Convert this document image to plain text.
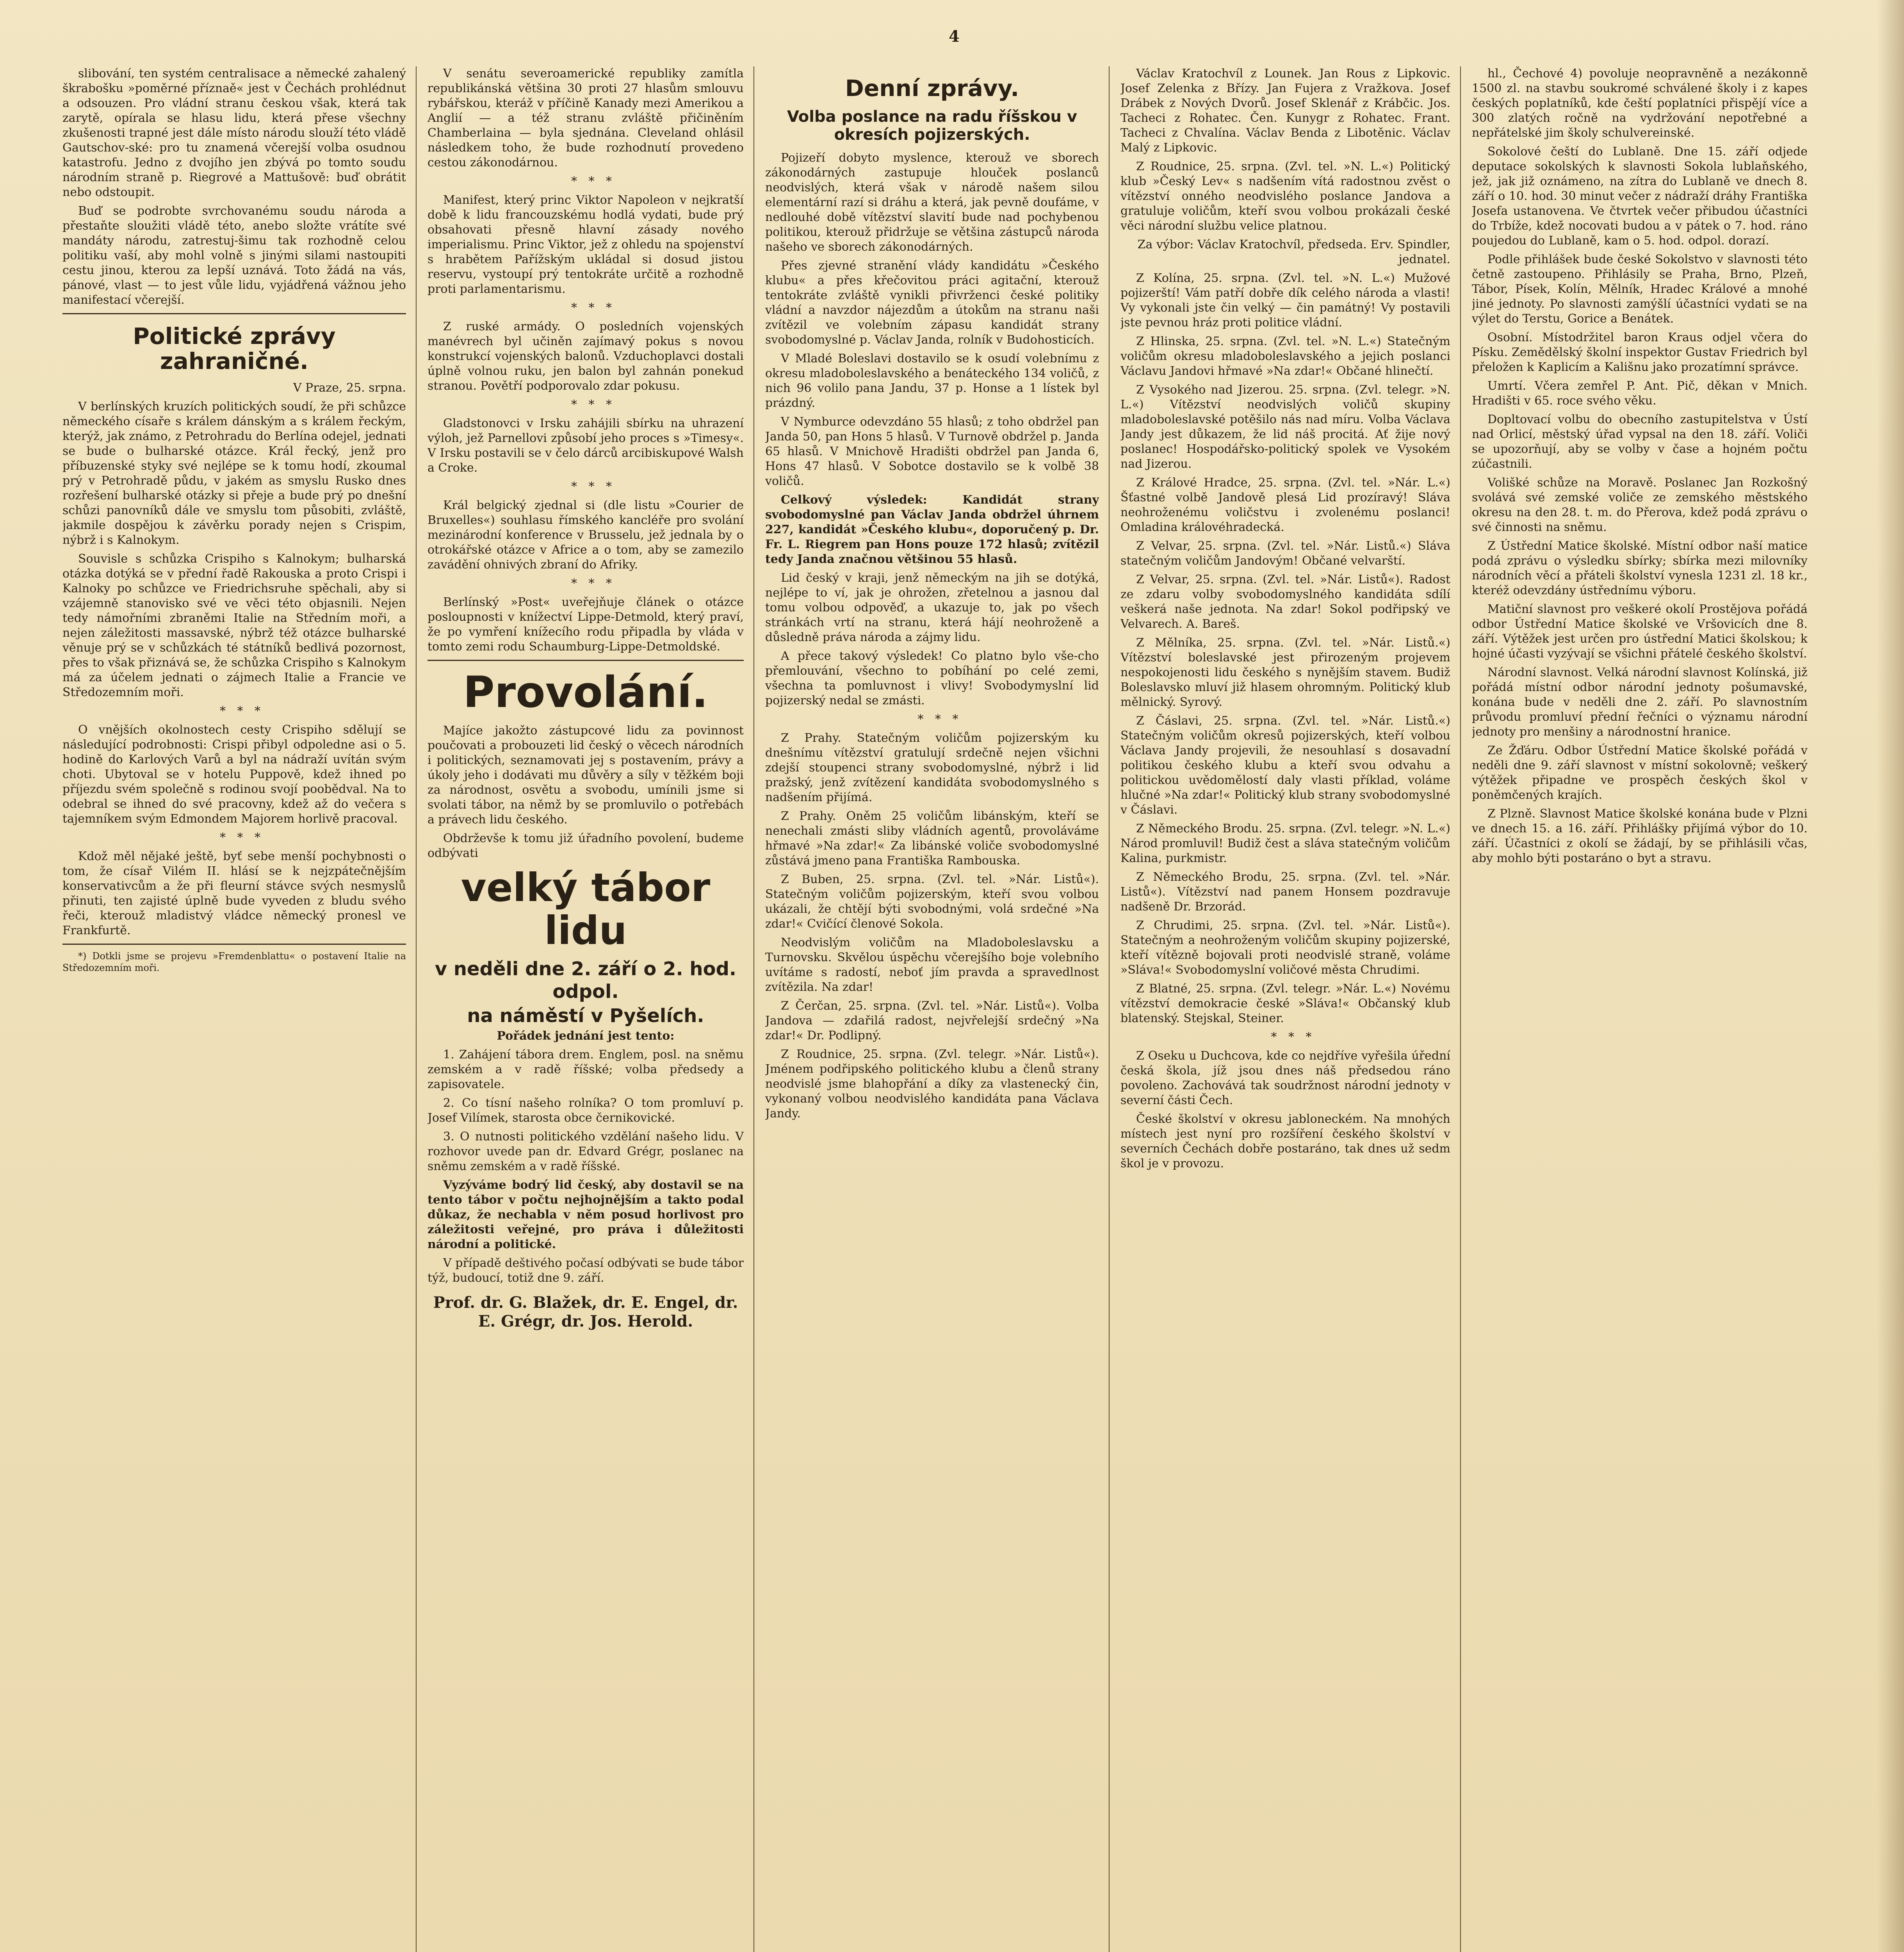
4

slibování, ten systém centralisace a německé zahalený škrabošku »poměrné příznaě« jest v Čechách prohlédnut a odsouzen. Pro vládní stranu českou však, která tak zarytě, opírala se hlasu lidu, která přese všechny zkušenosti trapné jest dále místo národu slouží této vládě Gautschov-ské: pro tu znamená včerejší volba osudnou katastrofu. Jedno z dvojího jen zbývá po tomto soudu národním straně p. Riegrové a Mattušově: buď obrátit nebo odstoupit.

Buď se podrobte svrchovanému soudu národa a přestaňte sloužiti vládě této, anebo složte vrátíte své mandáty národu, zatrestuj-šimu tak rozhodně celou politiku vaší, aby mohl volně s jinými silami nastoupiti cestu jinou, kterou za lepší uznává. Toto žádá na vás, pánové, vlast — to jest vůle lidu, vyjádřená vážnou jeho manifestací včerejší.

Politické zprávy zahraničné.

V Praze, 25. srpna.

V berlínských kruzích politických soudí, že při schůzce německého císaře s králem dánským a s králem řeckým, kterýž, jak známo, z Petrohradu do Berlína odejel, jednati se bude o bulharské otázce. Král řecký, jenž pro příbuzenské styky své nejlépe se k tomu hodí, zkoumal prý v Petrohradě půdu, v jakém as smyslu Rusko dnes rozřešení bulharské otázky si přeje a bude prý po dnešní schůzi panovníků dále ve smyslu tom působiti, zvláště, jakmile dospějou k závěrku porady nejen s Crispim, nýbrž i s Kalnokym.

Souvisle s schůzka Crispiho s Kalnokym; bulharská otázka dotýká se v přední řadě Rakouska a proto Crispi i Kalnoky po schůzce ve Friedrichsruhe spěchali, aby si vzájemně stanovisko své ve věci této objasnili. Nejen tedy námořními zbraněmi Italie na Středním moři, a nejen záležitosti massavské, nýbrž též otázce bulharské věnuje prý se v schůzkách té státníků bedlivá pozornost, přes to však přiznává se, že schůzka Crispiho s Kalnokym má za účelem jednati o zájmech Italie a Francie ve Středozemním moři.

* * *

O vnějších okolnostech cesty Crispiho sdělují se následující podrobnosti: Crispi přibyl odpoledne asi o 5. hodině do Karlových Varů a byl na nádraží uvítán svým choti. Ubytoval se v hotelu Puppově, kdež ihned po příjezdu svém společně s rodinou svojí poobědval. Na to odebral se ihned do své pracovny, kdež až do večera s tajemníkem svým Edmondem Majorem horlivě pracoval.

* * *

Kdož měl nějaké ještě, byť sebe menší pochybnosti o tom, že císař Vilém II. hlásí se k nejzpátečnějším konservativcům a že při fleurní stávce svých nesmyslů přinuti, ten zajisté úplně bude vyveden z bludu svého řeči, kterouž mladistvý vládce německý pronesl ve Frankfurtě.

*) Dotkli jsme se projevu »Fremdenblattu« o postavení Italie na Středozemním moři.

V senátu severoamerické republiky zamítla republikánská většina 30 proti 27 hlasům smlouvu rybářskou, kteráž v příčině Kanady mezi Amerikou a Anglií — a též stranu zvláště přičiněním Chamberlaina — byla sjednána. Cleveland ohlásil následkem toho, že bude rozhodnutí provedeno cestou zákonodárnou.

* * *

Manifest, který princ Viktor Napoleon v nejkratší době k lidu francouzskému hodlá vydati, bude prý obsahovati přesně hlavní zásady nového imperialismu. Princ Viktor, jež z ohledu na spojenství s hrabětem Pařížským ukládal si dosud jistou reservu, vystoupí prý tentokráte určitě a rozhodně proti parlamentarismu.

* * *

Z ruské armády. O posledních vojenských manévrech byl učiněn zajímavý pokus s novou konstrukcí vojenských balonů. Vzduchoplavci dostali úplně volnou ruku, jen balon byl zahnán ponekud stranou. Povětří podporovalo zdar pokusu.

* * *

Gladstonovci v Irsku zahájili sbírku na uhrazení výloh, jež Parnellovi způsobí jeho proces s »Timesy«. V Irsku postavili se v čelo dárců arcibiskupové Walsh a Croke.

* * *

Král belgický zjednal si (dle listu »Courier de Bruxelles«) souhlasu římského kancléře pro svolání mezinárodní konference v Brusselu, jež jednala by o otrokářské otázce v Africe a o tom, aby se zamezilo zavádění ohnivých zbraní do Afriky.

* * *

Berlínský »Post« uveřejňuje článek o otázce posloupnosti v knížectví Lippe-Detmold, který praví, že po vymření knížecího rodu připadla by vláda v tomto zemi rodu Schaumburg-Lippe-Detmoldské.

Provolání.

Majíce jakožto zástupcové lidu za povinnost poučovati a probouzeti lid český o věcech národních i politických, seznamovati jej s postavením, právy a úkoly jeho i dodávati mu důvěry a síly v těžkém boji za národnost, osvětu a svobodu, umínili jsme si svolati tábor, na němž by se promluvilo o potřebách a právech lidu českého.

Obdrževše k tomu již úřadního povolení, budeme odbývati

velký tábor lidu
v neděli dne 2. září o 2. hod. odpol.
na náměstí v Pyšelích.

Pořádek jednání jest tento:

1. Zahájení tábora drem. Englem, posl. na sněmu zemském a v radě říšské; volba předsedy a zapisovatele.

2. Co tísní našeho rolníka? O tom promluví p. Josef Vilímek, starosta obce černikovické.

3. O nutnosti politického vzdělání našeho lidu. V rozhovor uvede pan dr. Edvard Grégr, poslanec na sněmu zemském a v radě říšské.

Vyzýváme bodrý lid český, aby dostavil se na tento tábor v počtu nejhojnějším a takto podal důkaz, že nechabla v něm posud horlivost pro záležitosti veřejné, pro práva i důležitosti národní a politické.

V případě deštivého počasí odbývati se bude tábor týž, budoucí, totiž dne 9. září.

Prof. dr. G. Blažek, dr. E. Engel, dr. E. Grégr, dr. Jos. Herold.
Denní zprávy.
Volba poslance na radu říšskou v okresích pojizerských.

Pojizeří dobyto myslence, kterouž ve sborech zákonodárných zastupuje hlouček poslanců neodvislých, která však v národě našem silou elementární razí si dráhu a která, jak pevně doufáme, v nedlouhé době vítězství slavití bude nad pochybenou politikou, kterouž přidržuje se většina zástupců národa našeho ve sborech zákonodárných.

Přes zjevné stranění vlády kandidátu »Českého klubu« a přes křečovitou práci agitační, kterouž tentokráte zvláště vynikli přivrženci české politiky vládní a navzdor nájezdům a útokům na stranu naši zvítězil ve volebním zápasu kandidát strany svobodomyslné p. Václav Janda, rolník v Budohosticích.

V Mladé Boleslavi dostavilo se k osudí volebnímu z okresu mladoboleslavského a benáteckého 134 voličů, z nich 96 volilo pana Jandu, 37 p. Honse a 1 lístek byl prázdný.

V Nymburce odevzdáno 55 hlasů; z toho obdržel pan Janda 50, pan Hons 5 hlasů. V Turnově obdržel p. Janda 65 hlasů. V Mnichově Hradišti obdržel pan Janda 6, Hons 47 hlasů. V Sobotce dostavilo se k volbě 38 voličů.

Celkový výsledek: Kandidát strany svobodomyslné pan Václav Janda obdržel úhrnem 227, kandidát »Českého klubu«, doporučený p. Dr. Fr. L. Riegrem pan Hons pouze 172 hlasů; zvítězil tedy Janda značnou většinou 55 hlasů.

Lid český v kraji, jenž německým na jih se dotýká, nejlépe to ví, jak je ohrožen, zřetelnou a jasnou dal tomu volbou odpověď, a ukazuje to, jak po všech stránkách vrtí na stranu, která hájí neohroženě a důsledně práva národa a zájmy lidu.

A přece takový výsledek! Co platno bylo vše-cho přemlouvání, všechno to pobíhání po celé zemi, všechna ta pomluvnost i vlivy! Svobodymyslní lid pojizerský nedal se zmásti.

* * *

Z Prahy. Statečným voličům pojizerským ku dnešnímu vítězství gratulují srdečně nejen všichni zdejší stoupenci strany svobodomyslné, nýbrž i lid pražský, jenž zvítězení kandidáta svobodomyslného s nadšením přijímá.

Z Prahy. Oněm 25 voličům libánským, kteří se nenechali zmásti sliby vládních agentů, provoláváme hřmavé »Na zdar!« Za libánské voliče svobodomyslné zůstává jmeno pana Františka Rambouska.

Z Buben, 25. srpna. (Zvl. tel. »Nár. Listů«). Statečným voličům pojizerským, kteří svou volbou ukázali, že chtějí býti svobodnými, volá srdečné »Na zdar!« Cvičící členové Sokola.

Neodvislým voličům na Mladoboleslavsku a Turnovsku. Skvělou úspěchu včerejšího boje volebního uvítáme s radostí, neboť jím pravda a spravedlnost zvítězila. Na zdar!

Z Čerčan, 25. srpna. (Zvl. tel. »Nár. Listů«). Volba Jandova — zdařilá radost, nejvřelejší srdečný »Na zdar!« Dr. Podlipný.

Z Roudnice, 25. srpna. (Zvl. telegr. »Nár. Listů«). Jménem podřipského politického klubu a členů strany neodvislé jsme blahopřání a díky za vlastenecký čin, vykonaný volbou neodvislého kandidáta pana Václava Jandy.

Václav Kratochvíl z Lounek. Jan Rous z Lipkovic. Josef Zelenka z Břízy. Jan Fujera z Vražkova. Josef Drábek z Nových Dvorů. Josef Sklenář z Krábčic. Jos. Tacheci z Rohatec. Čen. Kunygr z Rohatec. Frant. Tacheci z Chvalína. Václav Benda z Libotěnic. Václav Malý z Lipkovic.

Z Roudnice, 25. srpna. (Zvl. tel. »N. L.«) Politický klub »Český Lev« s nadšením vítá radostnou zvěst o vítězství onného neodvislého poslance Jandova a gratuluje voličům, kteří svou volbou prokázali české věci národní službu velice platnou.

Za výbor: Václav Kratochvíl, předseda. Erv. Spindler, jednatel.

Z Kolína, 25. srpna. (Zvl. tel. »N. L.«) Mužové pojizerští! Vám patří dobře dík celého národa a vlasti! Vy vykonali jste čin velký — čin památný! Vy postavili jste pevnou hráz proti politice vládní.

Z Hlinska, 25. srpna. (Zvl. tel. »N. L.«) Statečným voličům okresu mladoboleslavského a jejich poslanci Václavu Jandovi hřmavé »Na zdar!« Občané hlinečtí.

Z Vysokého nad Jizerou. 25. srpna. (Zvl. telegr. »N. L.«) Vítězství neodvislých voličů skupiny mladoboleslavské potěšilo nás nad míru. Volba Václava Jandy jest důkazem, že lid náš procitá. Ať žije nový poslanec! Hospodářsko-politický spolek ve Vysokém nad Jizerou.

Z Králové Hradce, 25. srpna. (Zvl. tel. »Nár. L.«) Šťastné volbě Jandově plesá Lid prozíravý! Sláva neohroženému voličstvu i zvolenému poslanci! Omladina královéhradecká.

Z Velvar, 25. srpna. (Zvl. tel. »Nár. Listů.«) Sláva statečným voličům Jandovým! Občané velvarští.

Z Velvar, 25. srpna. (Zvl. tel. »Nár. Listů«). Radost ze zdaru volby svobodomyslného kandidáta sdílí veškerá naše jednota. Na zdar! Sokol podřipský ve Velvarech. A. Bareš.

Z Mělníka, 25. srpna. (Zvl. tel. »Nár. Listů.«) Vítězství boleslavské jest přirozeným projevem nespokojenosti lidu českého s nynějším stavem. Budiž Boleslavsko mluví již hlasem ohromným. Politický klub mělnický. Syrový.

Z Čáslavi, 25. srpna. (Zvl. tel. »Nár. Listů.«) Statečným voličům okresů pojizerských, kteří volbou Václava Jandy projevili, že nesouhlasí s dosavadní politikou českého klubu a kteří svou odvahu a politickou uvědomělostí daly vlasti příklad, voláme hlučné »Na zdar!« Politický klub strany svobodomyslné v Čáslavi.

Z Německého Brodu. 25. srpna. (Zvl. telegr. »N. L.«) Národ promluvil! Budiž čest a sláva statečným voličům Kalina, purkmistr.

Z Německého Brodu, 25. srpna. (Zvl. tel. »Nár. Listů«). Vítězství nad panem Honsem pozdravuje nadšeně Dr. Brzorád.

Z Chrudimi, 25. srpna. (Zvl. tel. »Nár. Listů«). Statečným a neohroženým voličům skupiny pojizerské, kteří vítězně bojovali proti neodvislé straně, voláme »Sláva!« Svobodomyslní voličové města Chrudimi.

Z Blatné, 25. srpna. (Zvl. telegr. »Nár. L.«) Novému vítězství demokracie české »Sláva!« Občanský klub blatenský. Stejskal, Steiner.

* * *

Z Oseku u Duchcova, kde co nejdříve vyřešila úřední česká škola, jíž jsou dnes náš předsedou ráno povoleno. Zachovává tak soudržnost národní jednoty v severní části Čech.

České školství v okresu jabloneckém. Na mnohých místech jest nyní pro rozšíření českého školství v severních Čechách dobře postaráno, tak dnes už sedm škol je v provozu.

hl., Čechové 4) povoluje neopravněně a nezákonně 1500 zl. na stavbu soukromé schválené školy i z kapes českých poplatníků, kde čeští poplatníci přispějí více a 300 zlatých ročně na vydržování nepotřebné a nepřátelské jim školy schulvereinské.

Sokolové čeští do Lublaně. Dne 15. září odjede deputace sokolských k slavnosti Sokola lublaňského, jež, jak již oznámeno, na zítra do Lublaně ve dnech 8. září o 10. hod. 30 minut večer z nádraží dráhy Františka Josefa ustanovena. Ve čtvrtek večer přibudou účastníci do Trbíže, kdež nocovati budou a v pátek o 7. hod. ráno poujedou do Lublaně, kam o 5. hod. odpol. dorazí.

Podle přihlášek bude české Sokolstvo v slavnosti této četně zastoupeno. Přihlásily se Praha, Brno, Plzeň, Tábor, Písek, Kolín, Mělník, Hradec Králové a mnohé jiné jednoty. Po slavnosti zamýšlí účastníci vydati se na výlet do Terstu, Gorice a Benátek.

Osobní. Místodržitel baron Kraus odjel včera do Písku. Zemědělský školní inspektor Gustav Friedrich byl přeložen k Kaplicím a Kališnu jako prozatímní správce.

Umrtí. Včera zemřel P. Ant. Pič, děkan v Mnich. Hradišti v 65. roce svého věku.

Dopltovací volbu do obecního zastupitelstva v Ústí nad Orlicí, městský úřad vypsal na den 18. září. Voliči se upozorňují, aby se volby v čase a hojném počtu zúčastnili.

Volišké schůze na Moravě. Poslanec Jan Rozkošný svolává své zemské voliče ze zemského městského okresu na den 28. t. m. do Přerova, kdež podá zprávu o své činnosti na sněmu.

Z Ústřední Matice školské. Místní odbor naší matice podá zprávu o výsledku sbírky; sbírka mezi milovníky národních věcí a přáteli školství vynesla 1231 zl. 18 kr., kteréž odevzdány ústřednímu výboru.

Matiční slavnost pro veškeré okolí Prostějova pořádá odbor Ústřední Matice školské ve Vršovicích dne 8. září. Výtěžek jest určen pro ústřední Matici školskou; k hojné účasti vyzývají se všichni přátelé českého školství.

Národní slavnost. Velká národní slavnost Kolínská, již pořádá místní odbor národní jednoty pošumavské, konána bude v neděli dne 2. září. Po slavnostním průvodu promluví přední řečníci o významu národní jednoty pro menšiny a národnostní hranice.

Ze Žďáru. Odbor Ústřední Matice školské pořádá v neděli dne 9. září slavnost v místní sokolovně; veškerý výtěžek připadne ve prospěch českých škol v poněmčených krajích.

Z Plzně. Slavnost Matice školské konána bude v Plzni ve dnech 15. a 16. září. Přihlášky přijímá výbor do 10. září. Účastníci z okolí se žádají, by se přihlásili včas, aby mohlo býti postaráno o byt a stravu.
